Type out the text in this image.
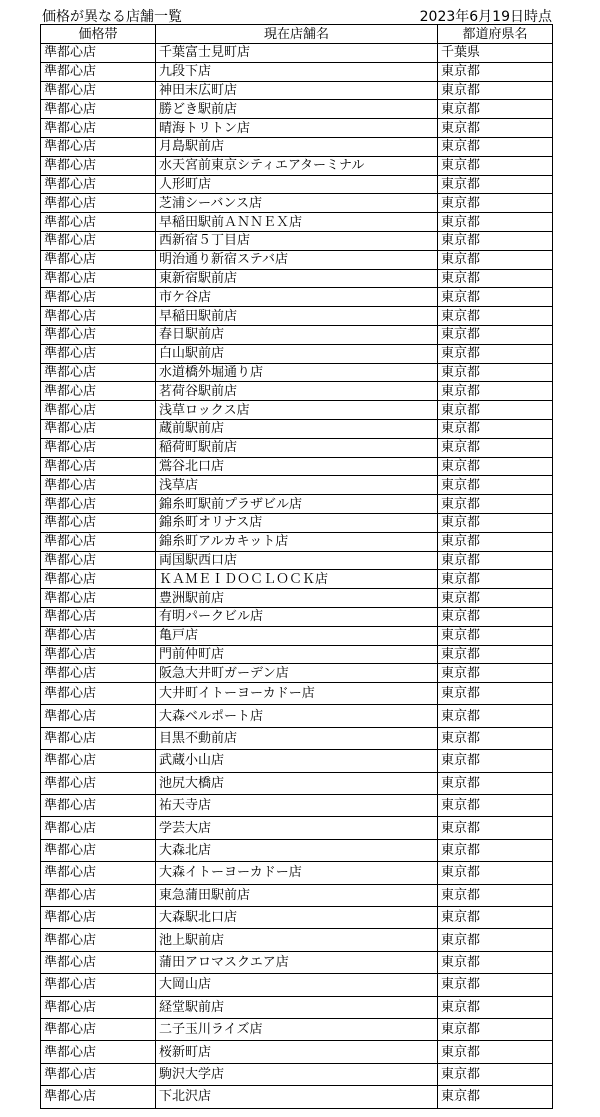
価格が異なる店舗一覧	2023年6月19日時点
価格帯	現在店舗名	都道府県名
準都心店	千葉富士見町店	千葉県
準都心店	九段下店	東京都
準都心店	神田末広町店	東京都
準都心店	勝どき駅前店	東京都
準都心店	晴海トリトン店	東京都
準都心店	月島駅前店	東京都
準都心店	水天宮前東京シティエアターミナル	東京都
準都心店	人形町店	東京都
準都心店	芝浦シーバンス店	東京都
準都心店	早稲田駅前ＡＮＮＥＸ店	東京都
準都心店	西新宿５丁目店	東京都
準都心店	明治通り新宿ステバ店	東京都
準都心店	東新宿駅前店	東京都
準都心店	市ケ谷店	東京都
準都心店	早稲田駅前店	東京都
準都心店	春日駅前店	東京都
準都心店	白山駅前店	東京都
準都心店	水道橋外堀通り店	東京都
準都心店	茗荷谷駅前店	東京都
準都心店	浅草ロックス店	東京都
準都心店	蔵前駅前店	東京都
準都心店	稲荷町駅前店	東京都
準都心店	鴬谷北口店	東京都
準都心店	浅草店	東京都
準都心店	錦糸町駅前プラザビル店	東京都
準都心店	錦糸町オリナス店	東京都
準都心店	錦糸町アルカキット店	東京都
準都心店	両国駅西口店	東京都
準都心店	ＫＡＭＥＩＤＯＣＬＯＣＫ店	東京都
準都心店	豊洲駅前店	東京都
準都心店	有明パークビル店	東京都
準都心店	亀戸店	東京都
準都心店	門前仲町店	東京都
準都心店	阪急大井町ガーデン店	東京都
準都心店	大井町イトーヨーカドー店	東京都
準都心店	大森ベルポート店	東京都
準都心店	目黒不動前店	東京都
準都心店	武蔵小山店	東京都
準都心店	池尻大橋店	東京都
準都心店	祐天寺店	東京都
準都心店	学芸大店	東京都
準都心店	大森北店	東京都
準都心店	大森イトーヨーカドー店	東京都
準都心店	東急蒲田駅前店	東京都
準都心店	大森駅北口店	東京都
準都心店	池上駅前店	東京都
準都心店	蒲田アロマスクエア店	東京都
準都心店	大岡山店	東京都
準都心店	経堂駅前店	東京都
準都心店	二子玉川ライズ店	東京都
準都心店	桜新町店	東京都
準都心店	駒沢大学店	東京都
準都心店	下北沢店	東京都
